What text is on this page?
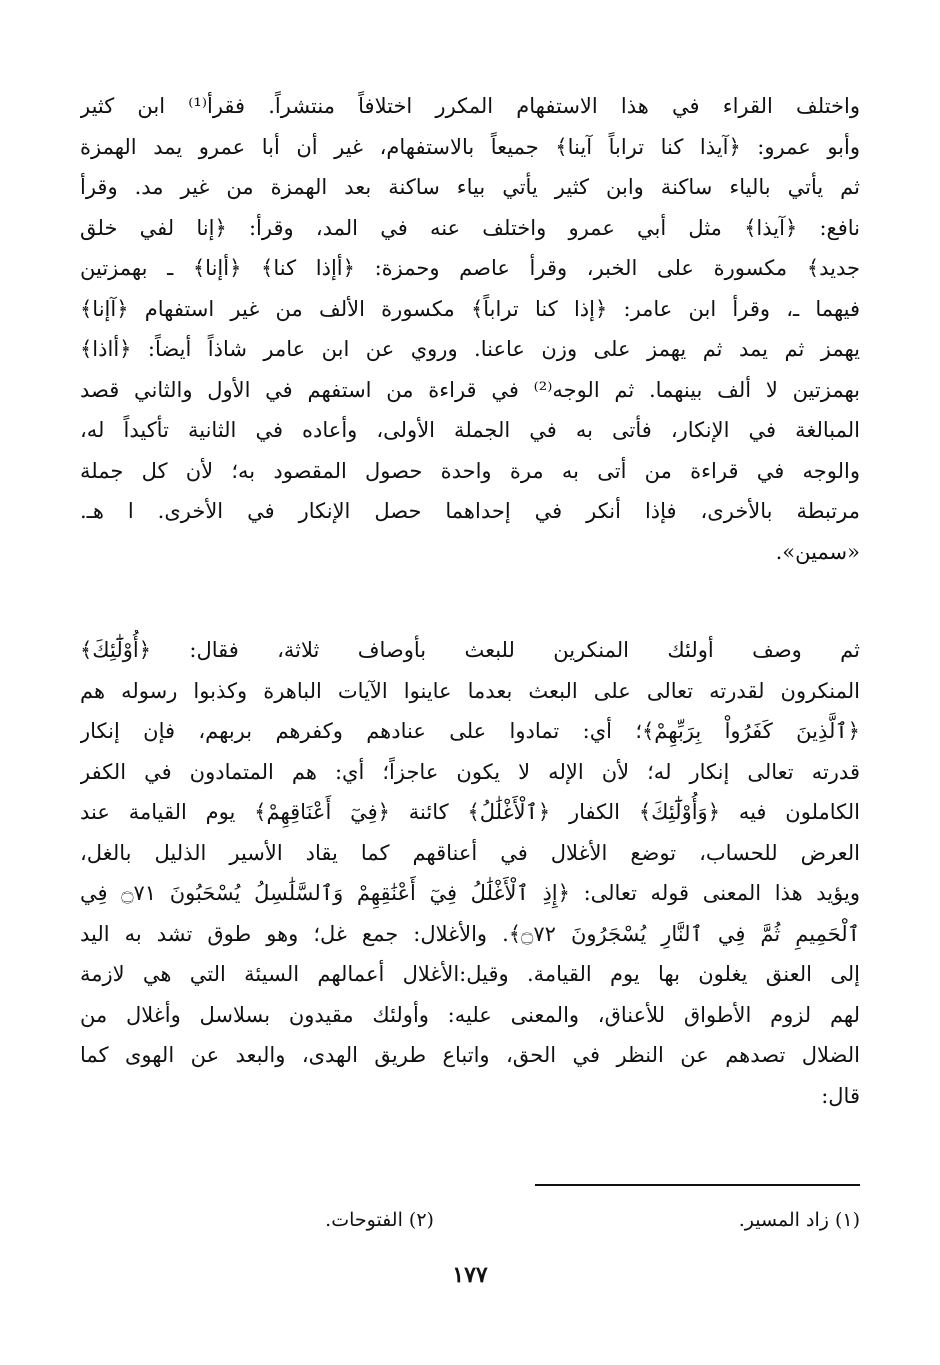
واختلف القراء في هذا الاستفهام المكرر اختلافاً منتشراً. فقرأ⁽¹⁾ ابن كثير
وأبو عمرو: ﴿آيذا كنا تراباً آينا﴾ جميعاً بالاستفهام، غير أن أبا عمرو يمد الهمزة
ثم يأتي بالياء ساكنة وابن كثير يأتي بياء ساكنة بعد الهمزة من غير مد. وقرأ
نافع: ﴿آيذا﴾ مثل أبي عمرو واختلف عنه في المد، وقرأ: ﴿إنا لفي خلق
جديد﴾ مكسورة على الخبر، وقرأ عاصم وحمزة: ﴿أإذا كنا﴾ ﴿أإنا﴾ ـ بهمزتين
فيهما ـ، وقرأ ابن عامر: ﴿إذا كنا تراباً﴾ مكسورة الألف من غير استفهام ﴿آإنا﴾
يهمز ثم يمد ثم يهمز على وزن عاعنا. وروي عن ابن عامر شاذاً أيضاً: ﴿أاذا﴾
بهمزتين لا ألف بينهما. ثم الوجه⁽²⁾ في قراءة من استفهم في الأول والثاني قصد
المبالغة في الإنكار، فأتى به في الجملة الأولى، وأعاده في الثانية تأكيداً له،
والوجه في قراءة من أتى به مرة واحدة حصول المقصود به؛ لأن كل جملة
مرتبطة بالأخرى، فإذا أنكر في إحداهما حصل الإنكار في الأخرى. ا هـ.
«سمين».
ثم وصف أولئك المنكرين للبعث بأوصاف ثلاثة، فقال: ﴿أُوْلَٰٓئِكَ﴾
المنكرون لقدرته تعالى على البعث بعدما عاينوا الآيات الباهرة وكذبوا رسوله هم
﴿ٱلَّذِينَ كَفَرُواْ بِرَبِّهِمْ﴾؛ أي: تمادوا على عنادهم وكفرهم بربهم، فإن إنكار
قدرته تعالى إنكار له؛ لأن الإله لا يكون عاجزاً؛ أي: هم المتمادون في الكفر
الكاملون فيه ﴿وَأُوْلَٰٓئِكَ﴾ الكفار ﴿ٱلْأَغْلَٰلُ﴾ كائنة ﴿فِيٓ أَعْنَاقِهِمْ﴾ يوم القيامة عند
العرض للحساب، توضع الأغلال في أعناقهم كما يقاد الأسير الذليل بالغل،
ويؤيد هذا المعنى قوله تعالى: ﴿إِذِ ٱلْأَغْلَٰلُ فِيٓ أَعْنَٰقِهِمْ وَٱلسَّلَٰسِلُ يُسْحَبُونَ ۝٧١ فِي
ٱلْحَمِيمِ ثُمَّ فِي ٱلنَّارِ يُسْجَرُونَ ۝٧٢﴾. والأغلال: جمع غل؛ وهو طوق تشد به اليد
إلى العنق يغلون بها يوم القيامة. وقيل:الأغلال أعمالهم السيئة التي هي لازمة
لهم لزوم الأطواق للأعناق، والمعنى عليه: وأولئك مقيدون بسلاسل وأغلال من
الضلال تصدهم عن النظر في الحق، واتباع طريق الهدى، والبعد عن الهوى كما
قال:
(١) زاد المسير. (٢) الفتوحات.
١٧٧
